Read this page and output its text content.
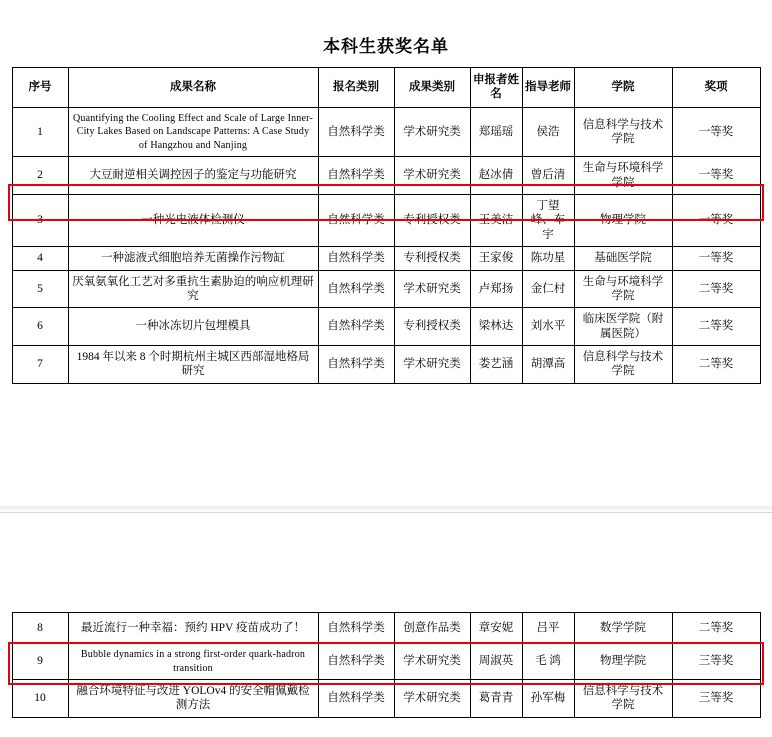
本科生获奖名单
序号	成果名称	报名类别	成果类别	申报者姓名	指导老师	学院	奖项
1	Quantifying the Cooling Effect and Scale of Large Inner-City Lakes Based on Landscape Patterns: A Case Study of Hangzhou and Nanjing	自然科学类	学术研究类	郑瑶瑶	侯浩	信息科学与技术学院	一等奖
2	大豆耐逆相关调控因子的鉴定与功能研究	自然科学类	学术研究类	赵冰倩	曾后清	生命与环境科学学院	一等奖
3	一种光电液体检测仪	自然科学类	专利授权类	王美洁	丁望峰、车宇	物理学院	一等奖
4	一种滤液式细胞培养无菌操作污物缸	自然科学类	专利授权类	王家俊	陈功星	基础医学院	一等奖
5	厌氧氨氧化工艺对多重抗生素胁迫的响应机理研究	自然科学类	学术研究类	卢郑扬	金仁村	生命与环境科学学院	二等奖
6	一种冰冻切片包埋模具	自然科学类	专利授权类	梁林达	刘水平	临床医学院（附属医院）	二等奖
7	1984 年以来 8 个时期杭州主城区西部湿地格局研究	自然科学类	学术研究类	娄艺涵	胡潭高	信息科学与技术学院	二等奖
8	最近流行一种幸福：预约 HPV 疫苗成功了！	自然科学类	创意作品类	章安妮	吕平	数学学院	二等奖
9	Bubble dynamics in a strong first-order quark-hadron transition	自然科学类	学术研究类	周淑英	毛 鸿	物理学院	三等奖
10	融合环境特征与改进 YOLOv4 的安全帽佩戴检测方法	自然科学类	学术研究类	葛青青	孙军梅	信息科学与技术学院	三等奖
